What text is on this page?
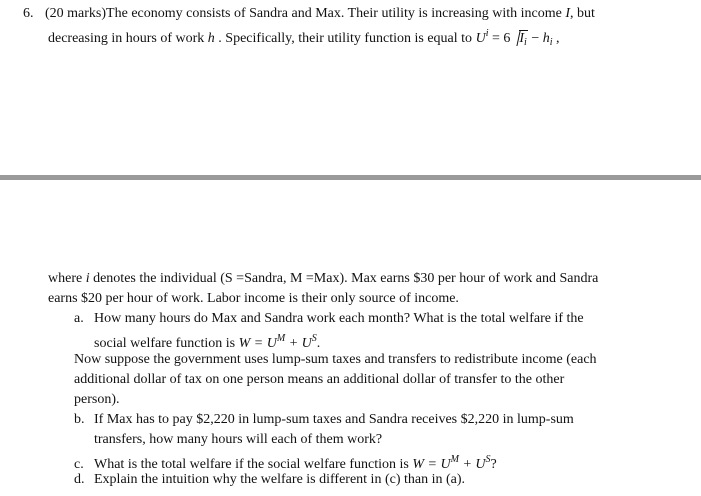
6. (20 marks)The economy consists of Sandra and Max. Their utility is increasing with income I, but
decreasing in hours of work h . Specifically, their utility function is equal to $U^i = 6$ $I_i - h_i$ ,
where i denotes the individual (S =Sandra, M =Max). Max earns $30 per hour of work and Sandra
earns $20 per hour of work. Labor income is their only source of income.
a. How many hours do Max and Sandra work each month? What is the total welfare if the
social welfare function is $W = U^M + U^S$.
Now suppose the government uses lump-sum taxes and transfers to redistribute income (each
additional dollar of tax on one person means an additional dollar of transfer to the other
person).
b. If Max has to pay $2,220 in lump-sum taxes and Sandra receives $2,220 in lump-sum
transfers, how many hours will each of them work?
c. What is the total welfare if the social welfare function is $W = U^M + U^S$?
d. Explain the intuition why the welfare is different in (c) than in (a).
